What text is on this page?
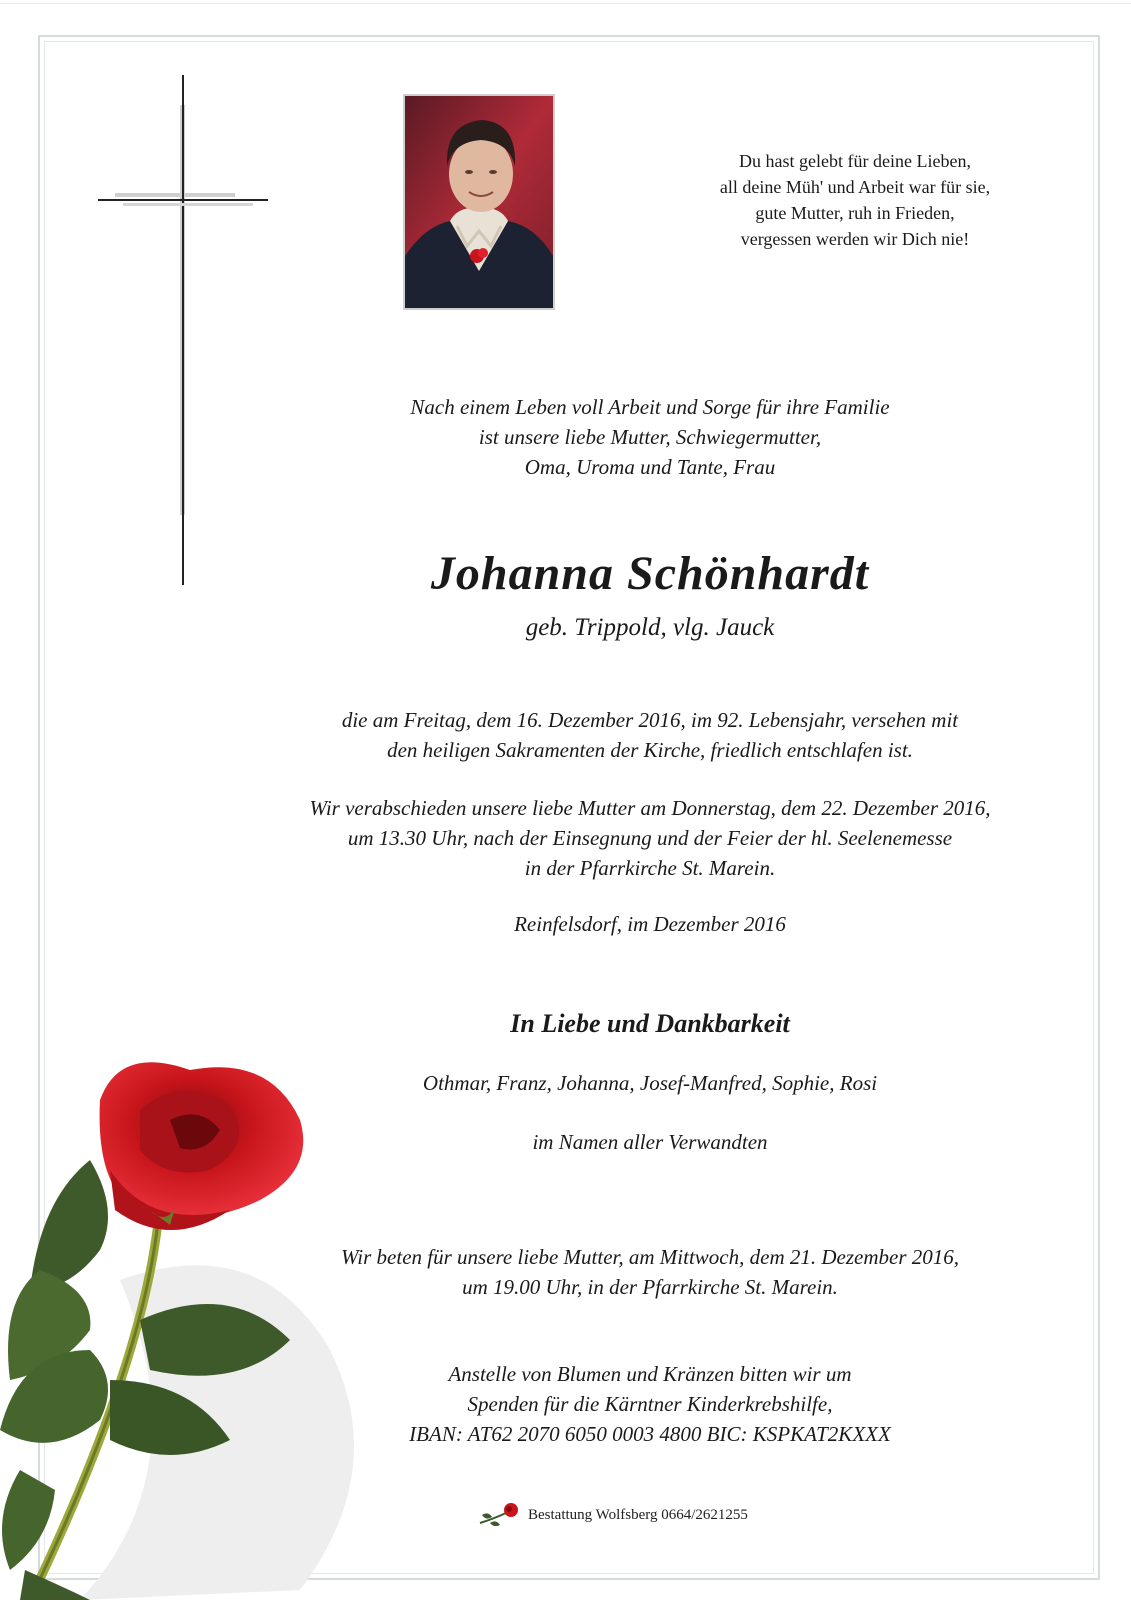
Du hast gelebt für deine Lieben,
all deine Müh' und Arbeit war für sie,
gute Mutter, ruh in Frieden,
vergessen werden wir Dich nie!
Nach einem Leben voll Arbeit und Sorge für ihre Familie
ist unsere liebe Mutter, Schwiegermutter,
Oma, Uroma und Tante, Frau
Johanna Schönhardt
geb. Trippold, vlg. Jauck
die am Freitag, dem 16. Dezember 2016, im 92. Lebensjahr, versehen mit
den heiligen Sakramenten der Kirche, friedlich entschlafen ist.
Wir verabschieden unsere liebe Mutter am Donnerstag, dem 22. Dezember 2016,
um 13.30 Uhr, nach der Einsegnung und der Feier der hl. Seelenemesse
in der Pfarrkirche St. Marein.
Reinfelsdorf, im Dezember 2016
In Liebe und Dankbarkeit
Othmar, Franz, Johanna, Josef-Manfred, Sophie, Rosi
im Namen aller Verwandten
Wir beten für unsere liebe Mutter, am Mittwoch, dem 21. Dezember 2016,
um 19.00 Uhr, in der Pfarrkirche St. Marein.
Anstelle von Blumen und Kränzen bitten wir um
Spenden für die Kärntner Kinderkrebshilfe,
IBAN: AT62 2070 6050 0003 4800 BIC: KSPKAT2KXXX
Bestattung Wolfsberg 0664/2621255
